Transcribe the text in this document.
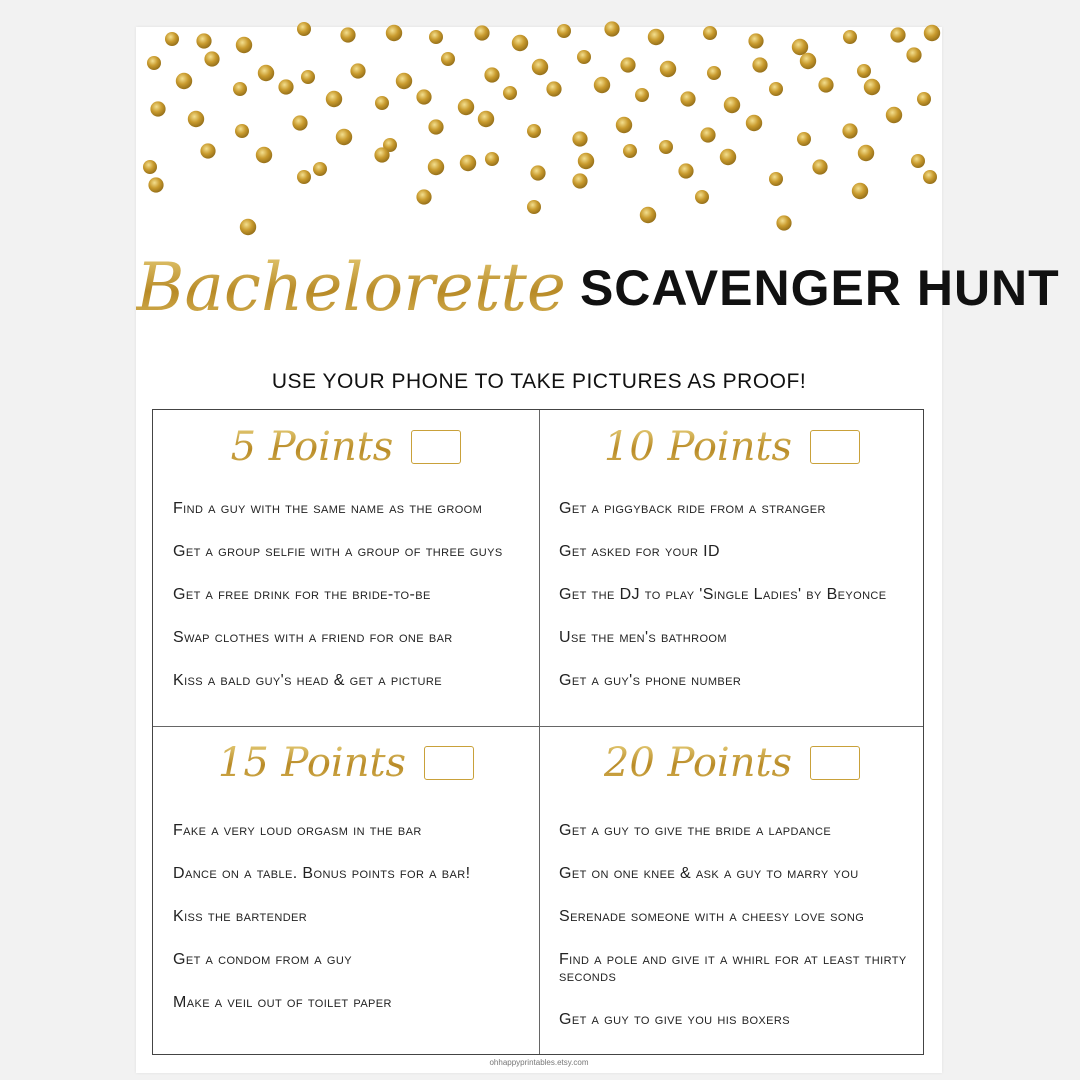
Bachelorette SCAVENGER HUNT
USE YOUR PHONE TO TAKE PICTURES AS PROOF!
5 Points
Find a guy with the same name as the groom
Get a group selfie with a group of three guys
Get a free drink for the bride-to-be
Swap clothes with a friend for one bar
Kiss a bald guy's head & get a picture
10 Points
Get a piggyback ride from a stranger
Get asked for your ID
Get the DJ to play 'Single Ladies' by Beyonce
Use the men's bathroom
Get a guy's phone number
15 Points
Fake a very loud orgasm in the bar
Dance on a table. Bonus points for a bar!
Kiss the bartender
Get a condom from a guy
Make a veil out of toilet paper
20 Points
Get a guy to give the bride a lapdance
Get on one knee & ask a guy to marry you
Serenade someone with a cheesy love song
Find a pole and give it a whirl for at least thirty seconds
Get a guy to give you his boxers
ohhappyprintables.etsy.com
